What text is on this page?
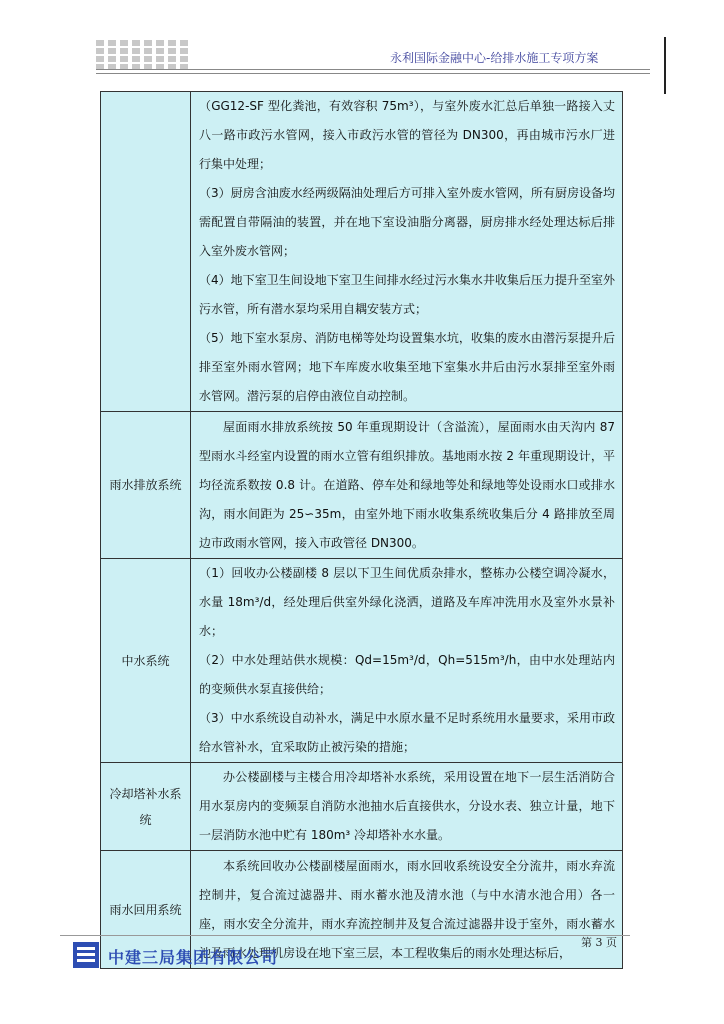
永利国际金融中心-给排水施工专项方案

	（GG12-SF 型化粪池，有效容积 75m³），与室外废水汇总后单独一路接入丈八一路市政污水管网，接入市政污水管的管径为 DN300，再由城市污水厂进行集中处理；

（3）厨房含油废水经两级隔油处理后方可排入室外废水管网，所有厨房设备均需配置自带隔油的装置，并在地下室设油脂分离器，厨房排水经处理达标后排入室外废水管网；

（4）地下室卫生间设地下室卫生间排水经过污水集水井收集后压力提升至室外污水管，所有潜水泵均采用自耦安装方式；

（5）地下室水泵房、消防电梯等处均设置集水坑，收集的废水由潜污泵提升后排至室外雨水管网；地下车库废水收集至地下室集水井后由污水泵排至室外雨水管网。潜污泵的启停由液位自动控制。

雨水排放系统	屋面雨水排放系统按 50 年重现期设计（含溢流），屋面雨水由天沟内 87 型雨水斗经室内设置的雨水立管有组织排放。基地雨水按 2 年重现期设计，平均径流系数按 0.8 计。在道路、停车处和绿地等处和绿地等处设雨水口或排水沟，雨水间距为 25∽35m，由室外地下雨水收集系统收集后分 4 路排放至周边市政雨水管网，接入市政管径 DN300。

中水系统	（1）回收办公楼副楼 8 层以下卫生间优质杂排水，整栋办公楼空调冷凝水，水量 18m³/d，经处理后供室外绿化浇洒，道路及车库冲洗用水及室外水景补水；

（2）中水处理站供水规模：Qd=15m³/d，Qh=515m³/h，由中水处理站内的变频供水泵直接供给；

（3）中水系统设自动补水，满足中水原水量不足时系统用水量要求，采用市政给水管补水，宜采取防止被污染的措施；

冷却塔补水系统	办公楼副楼与主楼合用冷却塔补水系统，采用设置在地下一层生活消防合用水泵房内的变频泵自消防水池抽水后直接供水，分设水表、独立计量，地下一层消防水池中贮有 180m³ 冷却塔补水水量。

雨水回用系统	本系统回收办公楼副楼屋面雨水，雨水回收系统设安全分流井，雨水弃流控制井，复合流过滤器井、雨水蓄水池及清水池（与中水清水池合用）各一座，雨水安全分流井，雨水弃流控制井及复合流过滤器井设于室外，雨水蓄水池及雨水处理机房设在地下室三层，本工程收集后的雨水处理达标后，

第 3 页
中建三局集团有限公司
